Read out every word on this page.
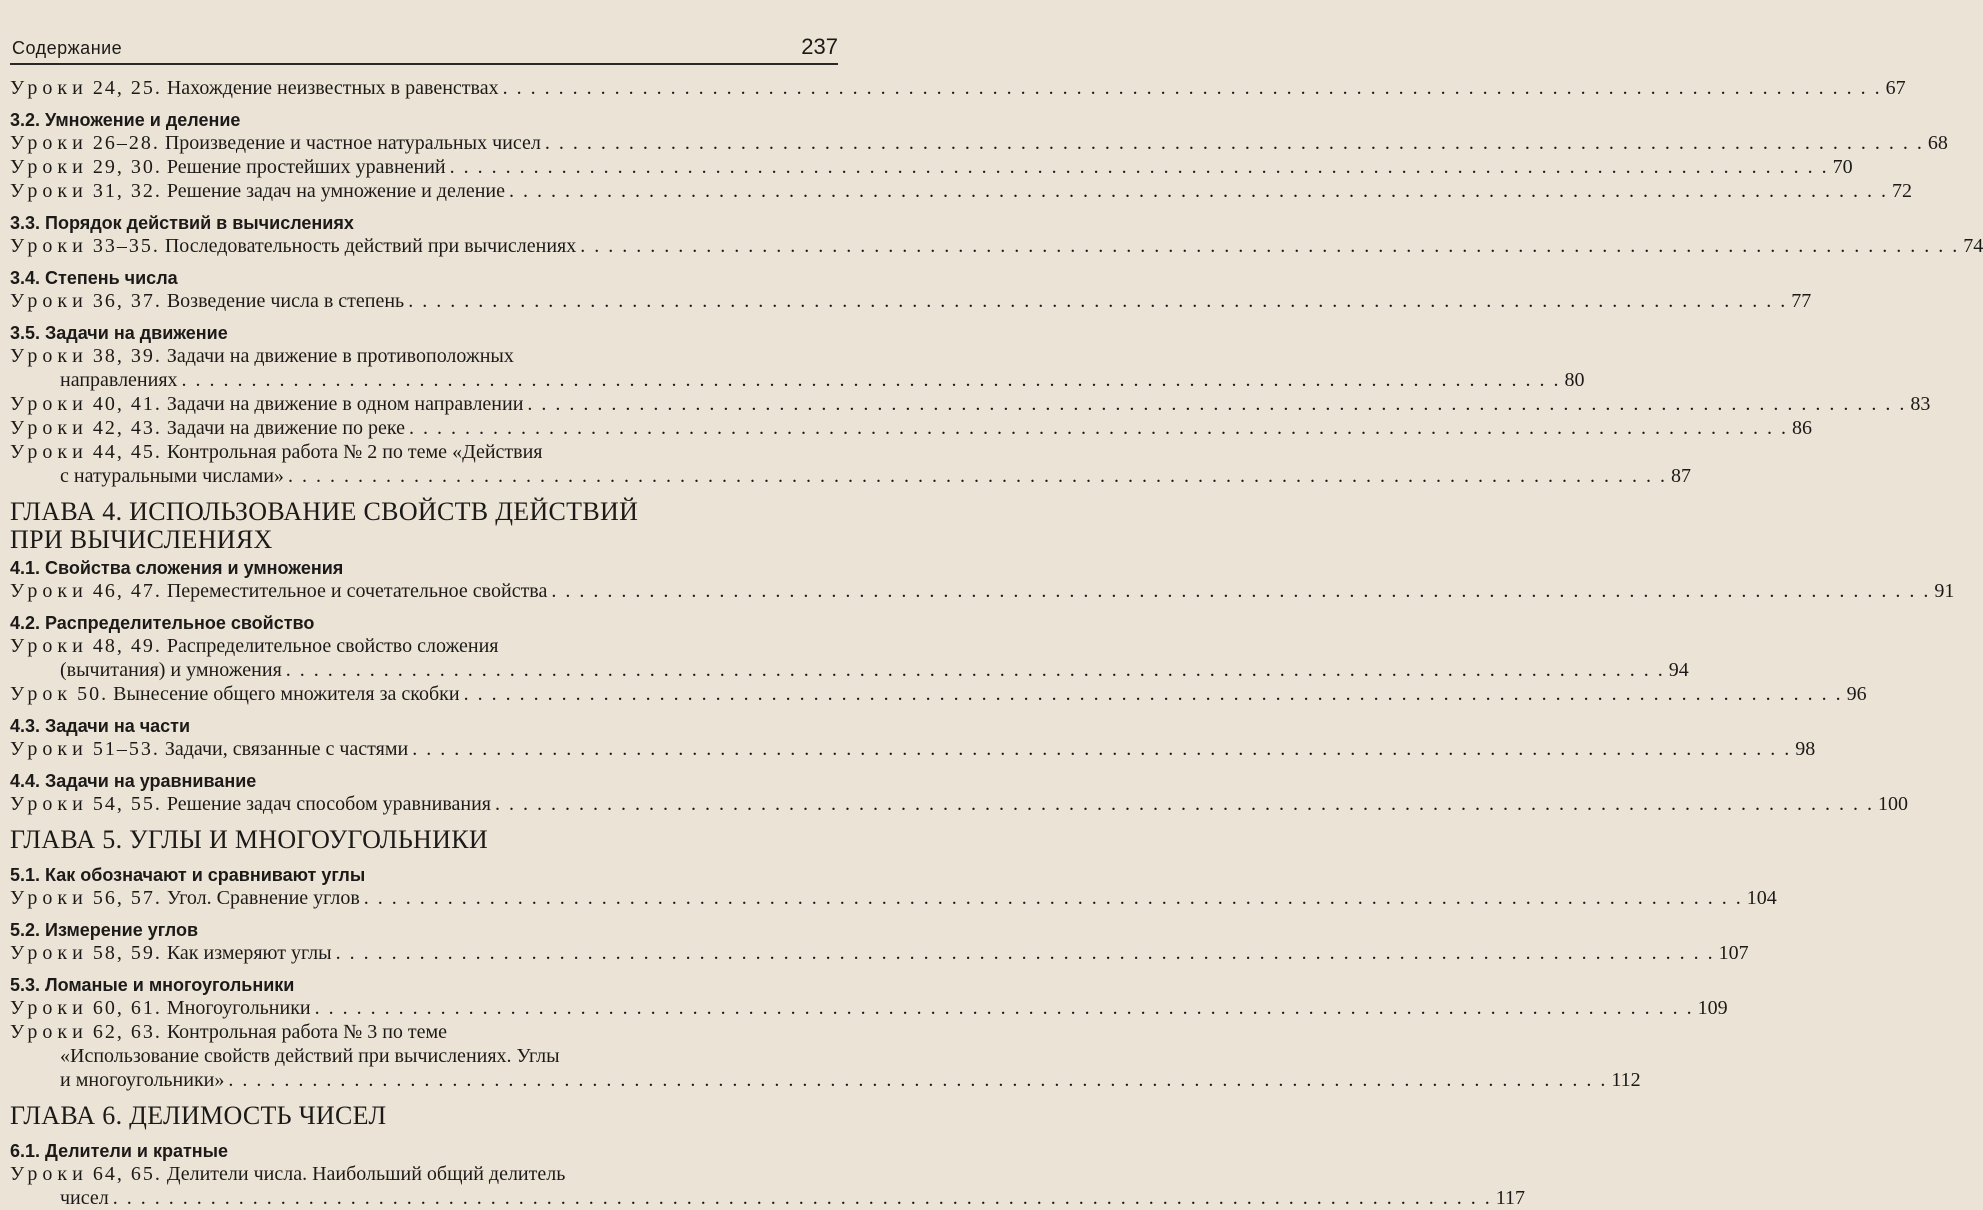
Содержание	237
Уроки 24, 25. Нахождение неизвестных в равенствах . . .	67
3.2. Умножение и деление
Уроки 26–28. Произведение и частное натуральных чисел . . .	68
Уроки 29, 30. Решение простейших уравнений . . .	70
Уроки 31, 32. Решение задач на умножение и деление . . .	72
3.3. Порядок действий в вычислениях
Уроки 33–35. Последовательность действий при вычислениях . . .	74
3.4. Степень числа
Уроки 36, 37. Возведение числа в степень . . .	77
3.5. Задачи на движение
Уроки 38, 39. Задачи на движение в противоположных
направлениях . . .	80
Уроки 40, 41. Задачи на движение в одном направлении . . .	83
Уроки 42, 43. Задачи на движение по реке . . .	86
Уроки 44, 45. Контрольная работа № 2 по теме «Действия
с натуральными числами» . . .	87
ГЛАВА 4. ИСПОЛЬЗОВАНИЕ СВОЙСТВ ДЕЙСТВИЙ
ПРИ ВЫЧИСЛЕНИЯХ
4.1. Свойства сложения и умножения
Уроки 46, 47. Переместительное и сочетательное свойства . . .	91
4.2. Распределительное свойство
Уроки 48, 49. Распределительное свойство сложения
(вычитания) и умножения . . .	94
Урок 50. Вынесение общего множителя за скобки . . .	96
4.3. Задачи на части
Уроки 51–53. Задачи, связанные с частями . . .	98
4.4. Задачи на уравнивание
Уроки 54, 55. Решение задач способом уравнивания . . .	100
ГЛАВА 5. УГЛЫ И МНОГОУГОЛЬНИКИ
5.1. Как обозначают и сравнивают углы
Уроки 56, 57. Угол. Сравнение углов . . .	104
5.2. Измерение углов
Уроки 58, 59. Как измеряют углы . . .	107
5.3. Ломаные и многоугольники
Уроки 60, 61. Многоугольники . . .	109
Уроки 62, 63. Контрольная работа № 3 по теме
«Использование свойств действий при вычислениях. Углы
и многоугольники» . . .	112
ГЛАВА 6. ДЕЛИМОСТЬ ЧИСЕЛ
6.1. Делители и кратные
Уроки 64, 65. Делители числа. Наибольший общий делитель
чисел . . .	117
